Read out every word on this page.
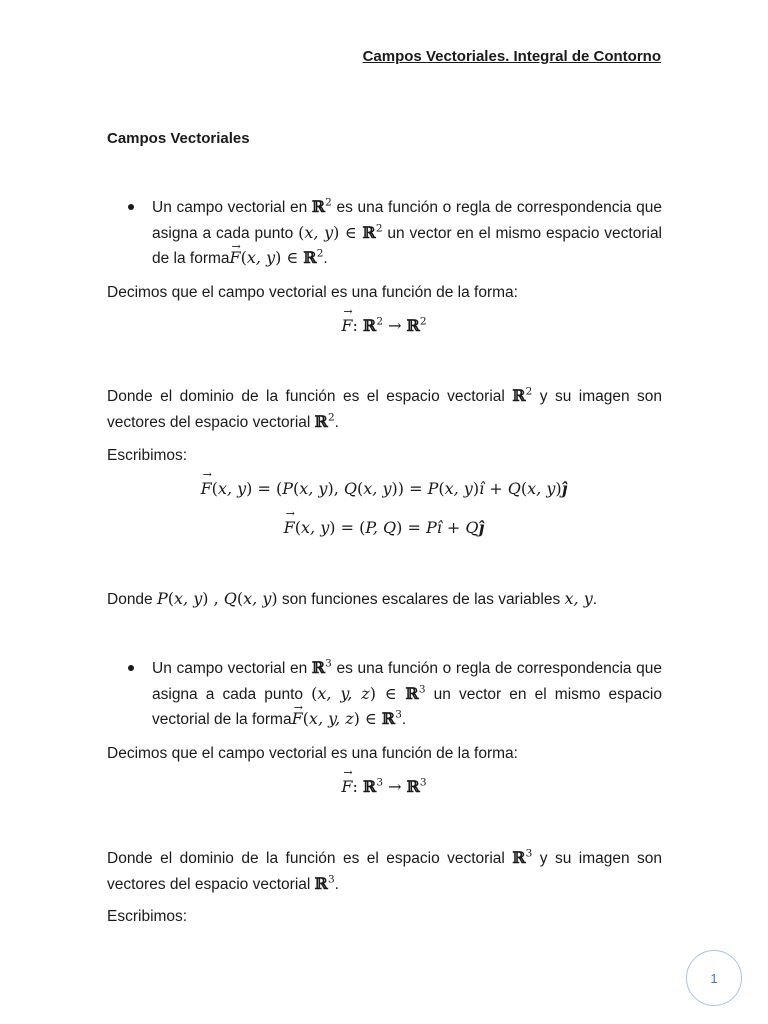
Campos Vectoriales. Integral de Contorno
Campos Vectoriales
Un campo vectorial en ℝ$^2$ es una función o regla de correspondencia que asigna a cada punto (x, y) ∈ ℝ$^2$ un vector en el mismo espacio vectorial de la forma→ F(x, y) ∈ ℝ$^2$.
Decimos que el campo vectorial es una función de la forma:
→ F: ℝ$^2$ → ℝ$^2$
Donde el dominio de la función es el espacio vectorial ℝ$^2$ y su imagen son vectores del espacio vectorial ℝ$^2$.
Escribimos:
→ F(x, y) = (P(x, y), Q(x, y)) = P(x, y)î + Q(x, y)ĵ
→ F(x, y) = (P, Q) = Pî + Qĵ
Donde P(x, y) , Q(x, y) son funciones escalares de las variables x, y.
Un campo vectorial en ℝ$^3$ es una función o regla de correspondencia que asigna a cada punto (x, y, z) ∈ ℝ$^3$ un vector en el mismo espacio vectorial de la forma→ F(x, y, z) ∈ ℝ$^3$.
Decimos que el campo vectorial es una función de la forma:
→ F: ℝ$^3$ → ℝ$^3$
Donde el dominio de la función es el espacio vectorial ℝ$^3$ y su imagen son vectores del espacio vectorial ℝ$^3$.
Escribimos:
1
